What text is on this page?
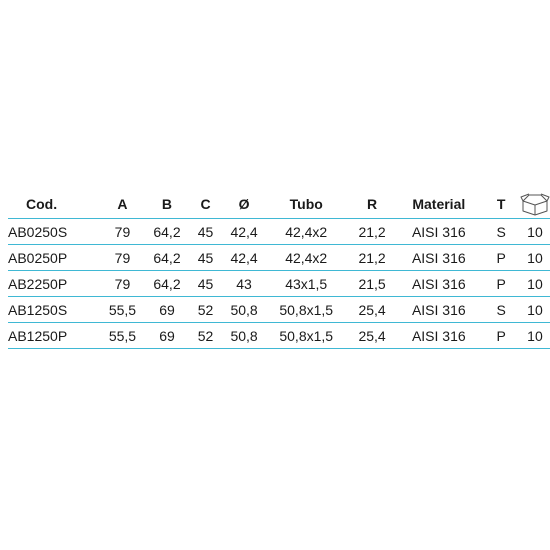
Cod.	A	B	C	Ø	Tubo	R	Material	T	
AB0250S	79	64,2	45	42,4	42,4x2	21,2	AISI 316	S	10
AB0250P	79	64,2	45	42,4	42,4x2	21,2	AISI 316	P	10
AB2250P	79	64,2	45	43	43x1,5	21,5	AISI 316	P	10
AB1250S	55,5	69	52	50,8	50,8x1,5	25,4	AISI 316	S	10
AB1250P	55,5	69	52	50,8	50,8x1,5	25,4	AISI 316	P	10
